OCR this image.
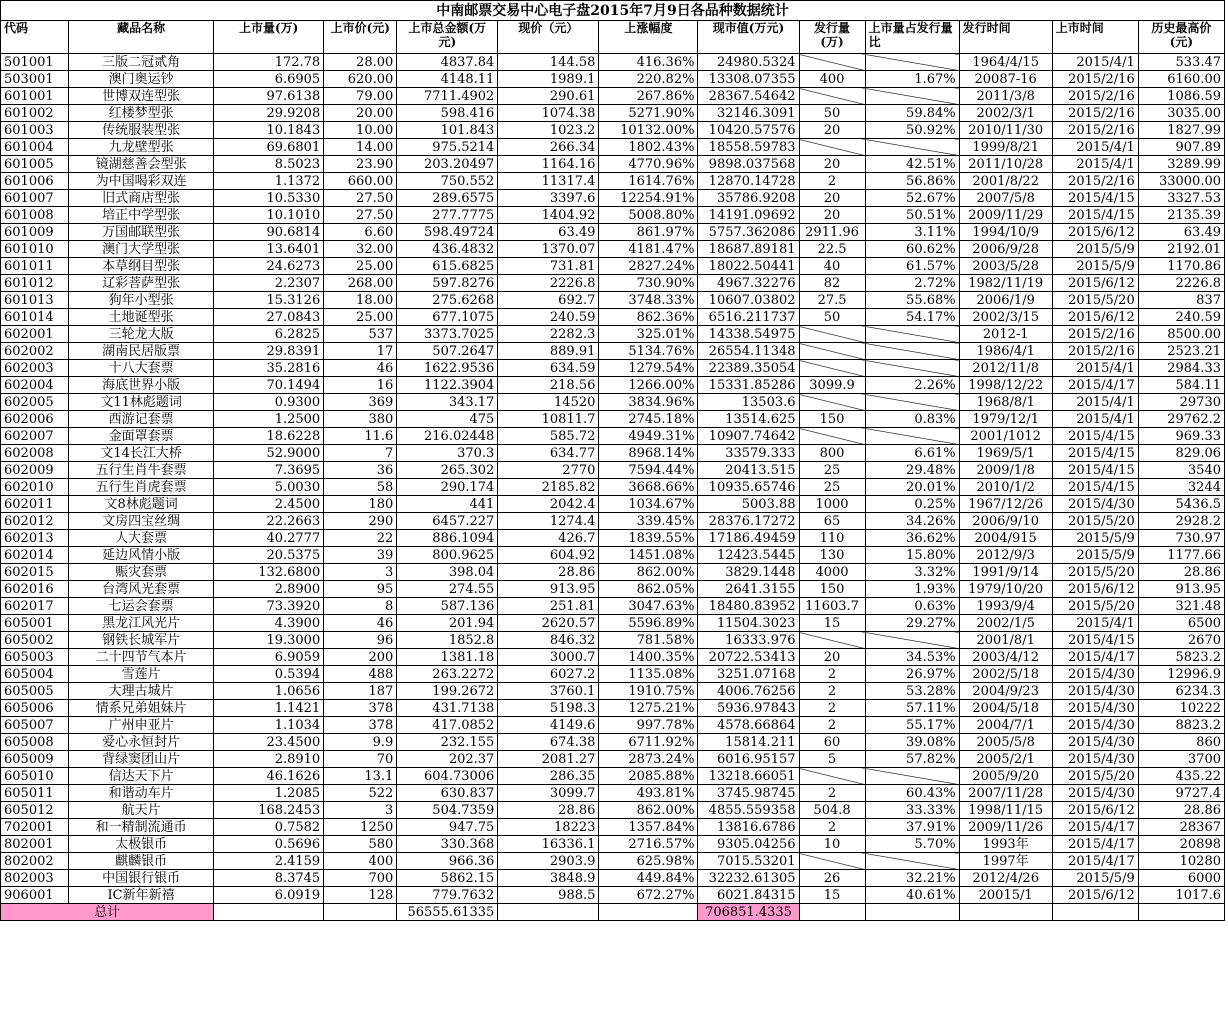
中南邮票交易中心电子盘2015年7月9日各品种数据统计												
代码	藏品名称	上市量(万)	上市价(元)	上市总金额(万元)	现价（元）	上涨幅度	现市值(万元)	发行量(万)	上市量占发行量比	发行时间	上市时间	历史最高价(元)
501001	三版二冠贰角	172.78	28.00	4837.84	144.58	416.36%	24980.5324			1964/4/15	2015/4/1	533.47
503001	澳门奥运钞	6.6905	620.00	4148.11	1989.1	220.82%	13308.07355	400	1.67%	20087-16	2015/2/16	6160.00
601001	世博双连型张	97.6138	79.00	7711.4902	290.61	267.86%	28367.54642			2011/3/8	2015/2/16	1086.59
601002	红楼梦型张	29.9208	20.00	598.416	1074.38	5271.90%	32146.3091	50	59.84%	2002/3/1	2015/2/16	3035.00
601003	传统服装型张	10.1843	10.00	101.843	1023.2	10132.00%	10420.57576	20	50.92%	2010/11/30	2015/2/16	1827.99
601004	九龙壁型张	69.6801	14.00	975.5214	266.34	1802.43%	18558.59783			1999/8/21	2015/4/1	907.89
601005	镜湖慈善会型张	8.5023	23.90	203.20497	1164.16	4770.96%	9898.037568	20	42.51%	2011/10/28	2015/4/1	3289.99
601006	为中国喝彩双连	1.1372	660.00	750.552	11317.4	1614.76%	12870.14728	2	56.86%	2001/8/22	2015/2/16	33000.00
601007	旧式商店型张	10.5330	27.50	289.6575	3397.6	12254.91%	35786.9208	20	52.67%	2007/5/8	2015/4/15	3327.53
601008	培正中学型张	10.1010	27.50	277.7775	1404.92	5008.80%	14191.09692	20	50.51%	2009/11/29	2015/4/15	2135.39
601009	万国邮联型张	90.6814	6.60	598.49724	63.49	861.97%	5757.362086	2911.96	3.11%	1994/10/9	2015/6/12	63.49
601010	澳门大学型张	13.6401	32.00	436.4832	1370.07	4181.47%	18687.89181	22.5	60.62%	2006/9/28	2015/5/9	2192.01
601011	本草纲目型张	24.6273	25.00	615.6825	731.81	2827.24%	18022.50441	40	61.57%	2003/5/28	2015/5/9	1170.86
601012	辽彩菩萨型张	2.2307	268.00	597.8276	2226.8	730.90%	4967.32276	82	2.72%	1982/11/19	2015/6/12	2226.8
601013	狗年小型张	15.3126	18.00	275.6268	692.7	3748.33%	10607.03802	27.5	55.68%	2006/1/9	2015/5/20	837
601014	土地诞型张	27.0843	25.00	677.1075	240.59	862.36%	6516.211737	50	54.17%	2002/3/15	2015/6/12	240.59
602001	三轮龙大版	6.2825	537	3373.7025	2282.3	325.01%	14338.54975			2012-1	2015/2/16	8500.00
602002	湖南民居版票	29.8391	17	507.2647	889.91	5134.76%	26554.11348			1986/4/1	2015/2/16	2523.21
602003	十八大套票	35.2816	46	1622.9536	634.59	1279.54%	22389.35054			2012/11/8	2015/4/1	2984.33
602004	海底世界小版	70.1494	16	1122.3904	218.56	1266.00%	15331.85286	3099.9	2.26%	1998/12/22	2015/4/17	584.11
602005	文11林彪题词	0.9300	369	343.17	14520	3834.96%	13503.6			1968/8/1	2015/4/1	29730
602006	西游记套票	1.2500	380	475	10811.7	2745.18%	13514.625	150	0.83%	1979/12/1	2015/4/1	29762.2
602007	金面罩套票	18.6228	11.6	216.02448	585.72	4949.31%	10907.74642			2001/1012	2015/4/15	969.33
602008	文14长江大桥	52.9000	7	370.3	634.77	8968.14%	33579.333	800	6.61%	1969/5/1	2015/4/15	829.06
602009	五行生肖牛套票	7.3695	36	265.302	2770	7594.44%	20413.515	25	29.48%	2009/1/8	2015/4/15	3540
602010	五行生肖虎套票	5.0030	58	290.174	2185.82	3668.66%	10935.65746	25	20.01%	2010/1/2	2015/4/15	3244
602011	文8林彪题词	2.4500	180	441	2042.4	1034.67%	5003.88	1000	0.25%	1967/12/26	2015/4/30	5436.5
602012	文房四宝丝绸	22.2663	290	6457.227	1274.4	339.45%	28376.17272	65	34.26%	2006/9/10	2015/5/20	2928.2
602013	人大套票	40.2777	22	886.1094	426.7	1839.55%	17186.49459	110	36.62%	2004/915	2015/5/9	730.97
602014	延边风情小版	20.5375	39	800.9625	604.92	1451.08%	12423.5445	130	15.80%	2012/9/3	2015/5/9	1177.66
602015	赈灾套票	132.6800	3	398.04	28.86	862.00%	3829.1448	4000	3.32%	1991/9/14	2015/5/20	28.86
602016	台湾风光套票	2.8900	95	274.55	913.95	862.05%	2641.3155	150	1.93%	1979/10/20	2015/6/12	913.95
602017	七运会套票	73.3920	8	587.136	251.81	3047.63%	18480.83952	11603.7	0.63%	1993/9/4	2015/5/20	321.48
605001	黑龙江风光片	4.3900	46	201.94	2620.57	5596.89%	11504.3023	15	29.27%	2002/1/5	2015/4/1	6500
605002	钢铁长城军片	19.3000	96	1852.8	846.32	781.58%	16333.976			2001/8/1	2015/4/15	2670
605003	二十四节气本片	6.9059	200	1381.18	3000.7	1400.35%	20722.53413	20	34.53%	2003/4/12	2015/4/17	5823.2
605004	雪莲片	0.5394	488	263.2272	6027.2	1135.08%	3251.07168	2	26.97%	2002/5/18	2015/4/30	12996.9
605005	大理古城片	1.0656	187	199.2672	3760.1	1910.75%	4006.76256	2	53.28%	2004/9/23	2015/4/30	6234.3
605006	情系兄弟姐妹片	1.1421	378	431.7138	5198.3	1275.21%	5936.97843	2	57.11%	2004/5/18	2015/4/30	10222
605007	广州申亚片	1.1034	378	417.0852	4149.6	997.78%	4578.66864	2	55.17%	2004/7/1	2015/4/30	8823.2
605008	爱心永恒封片	23.4500	9.9	232.155	674.38	6711.92%	15814.211	60	39.08%	2005/5/8	2015/4/30	860
605009	背绿窦团山片	2.8910	70	202.37	2081.27	2873.24%	6016.95157	5	57.82%	2005/2/1	2015/4/30	3700
605010	信达天下片	46.1626	13.1	604.73006	286.35	2085.88%	13218.66051			2005/9/20	2015/5/20	435.22
605011	和谐动车片	1.2085	522	630.837	3099.7	493.81%	3745.98745	2	60.43%	2007/11/28	2015/4/30	9727.4
605012	航天片	168.2453	3	504.7359	28.86	862.00%	4855.559358	504.8	33.33%	1998/11/15	2015/6/12	28.86
702001	和一精制流通币	0.7582	1250	947.75	18223	1357.84%	13816.6786	2	37.91%	2009/11/26	2015/4/17	28367
802001	太极银币	0.5696	580	330.368	16336.1	2716.57%	9305.04256	10	5.70%	1993年	2015/4/17	20898
802002	麒麟银币	2.4159	400	966.36	2903.9	625.98%	7015.53201			1997年	2015/4/17	10280
802003	中国银行银币	8.3745	700	5862.15	3848.9	449.84%	32232.61305	26	32.21%	2012/4/26	2015/5/9	6000
906001	IC新年新禧	6.0919	128	779.7632	988.5	672.27%	6021.84315	15	40.61%	20015/1	2015/6/12	1017.6
总计				56555.61335			706851.4335					
